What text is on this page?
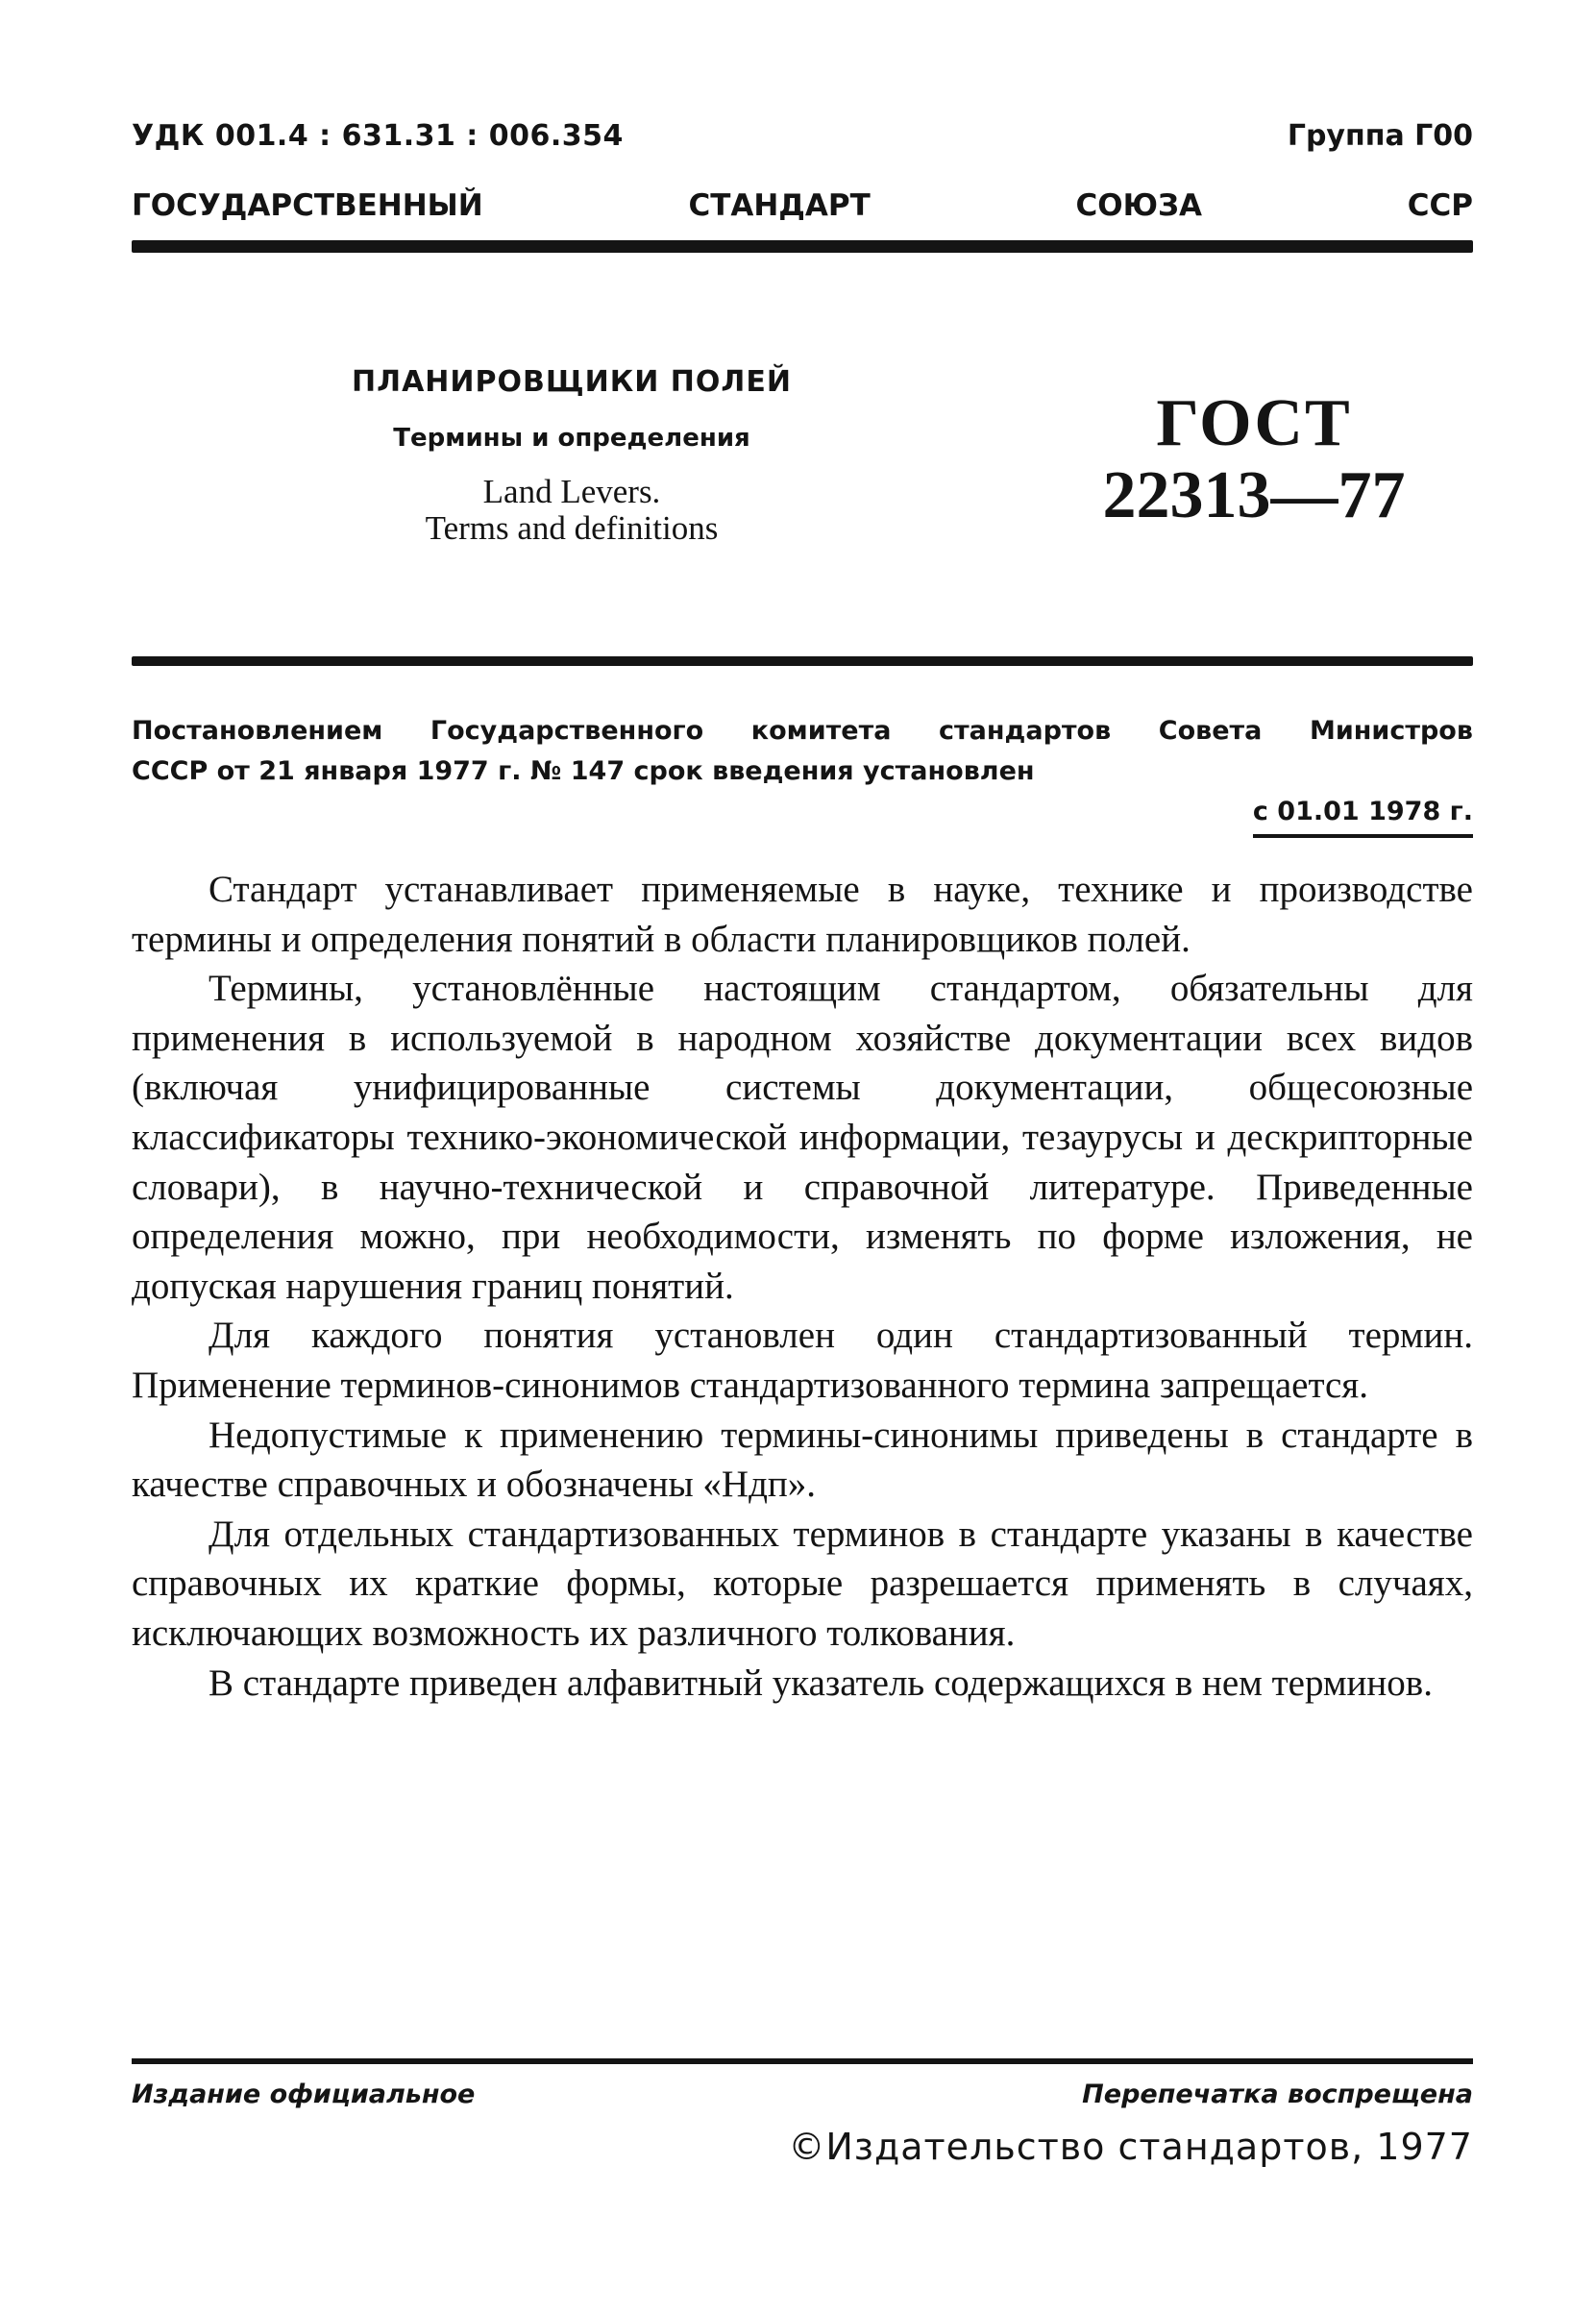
УДК 001.4 : 631.31 : 006.354	Группа Г00
ГОСУДАРСТВЕННЫЙ	СТАНДАРТ	СОЮЗА	ССР
ПЛАНИРОВЩИКИ ПОЛЕЙ
Термины и определения
Land Levers.
Terms and definitions
ГОСТ
22313—77
Постановлением Государственного комитета стандартов Совета Министров
СССР от 21 января 1977 г. № 147 срок введения установлен
с 01.01 1978 г.

Стандарт устанавливает применяемые в науке, технике и производстве термины и определения понятий в области планировщиков полей.

Термины, установлённые настоящим стандартом, обязательны для применения в используемой в народном хозяйстве документации всех видов (включая унифицированные системы документации, общесоюзные классификаторы технико-экономической информации, тезаурусы и дескрипторные словари), в научно-технической и справочной литературе. Приведенные определения можно, при необходимости, изменять по форме изложения, не допуская нарушения границ понятий.

Для каждого понятия установлен один стандартизованный термин. Применение терминов-синонимов стандартизованного термина запрещается.

Недопустимые к применению термины-синонимы приведены в стандарте в качестве справочных и обозначены «Ндп».

Для отдельных стандартизованных терминов в стандарте указаны в качестве справочных их краткие формы, которые разрешается применять в случаях, исключающих возможность их различного толкования.

В стандарте приведен алфавитный указатель содержащихся в нем терминов.

Издание официальное	Перепечатка воспрещена
©Издательство стандартов, 1977
